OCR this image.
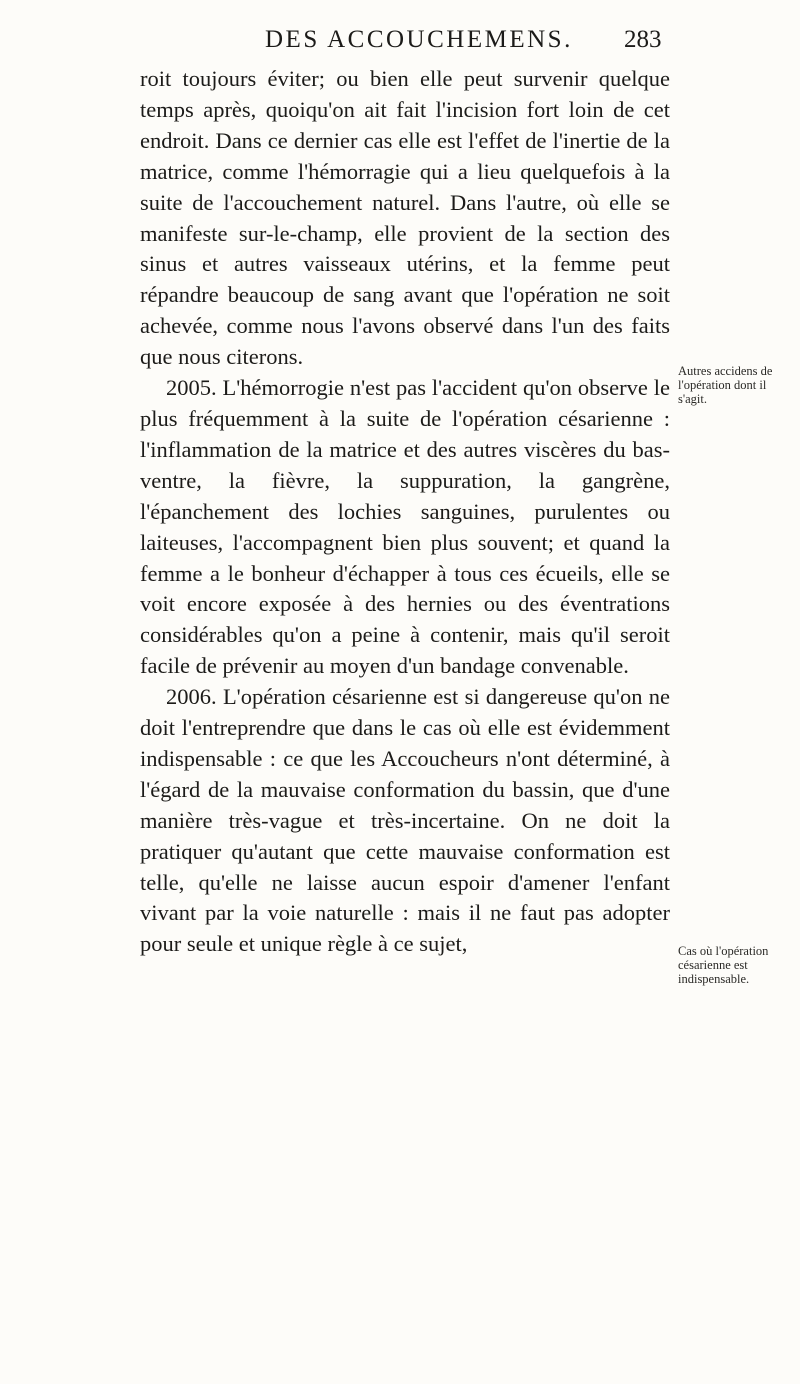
DES ACCOUCHEMENS. 283

roit toujours éviter; ou bien elle peut survenir quelque temps après, quoiqu'on ait fait l'incision fort loin de cet endroit. Dans ce dernier cas elle est l'effet de l'inertie de la matrice, comme l'hémorragie qui a lieu quelquefois à la suite de l'accouchement naturel. Dans l'autre, où elle se manifeste sur-le-champ, elle provient de la section des sinus et autres vaisseaux utérins, et la femme peut répandre beaucoup de sang avant que l'opération ne soit achevée, comme nous l'avons observé dans l'un des faits que nous citerons.

2005. L'hémorrogie n'est pas l'accident qu'on observe le plus fréquemment à la suite de l'opération césarienne : l'inflammation de la matrice et des autres viscères du bas-ventre, la fièvre, la suppuration, la gangrène, l'épanchement des lochies sanguines, purulentes ou laiteuses, l'accompagnent bien plus souvent; et quand la femme a le bonheur d'échapper à tous ces écueils, elle se voit encore exposée à des hernies ou des éventrations considérables qu'on a peine à contenir, mais qu'il seroit facile de prévenir au moyen d'un bandage convenable.

2006. L'opération césarienne est si dangereuse qu'on ne doit l'entreprendre que dans le cas où elle est évidemment indispensable : ce que les Accoucheurs n'ont déterminé, à l'égard de la mauvaise conformation du bassin, que d'une manière très-vague et très-incertaine. On ne doit la pratiquer qu'autant que cette mauvaise conformation est telle, qu'elle ne laisse aucun espoir d'amener l'enfant vivant par la voie naturelle : mais il ne faut pas adopter pour seule et unique règle à ce sujet,

Autres accidens de l'opération dont il s'agit.
Cas où l'opération césarienne est indispensable.
